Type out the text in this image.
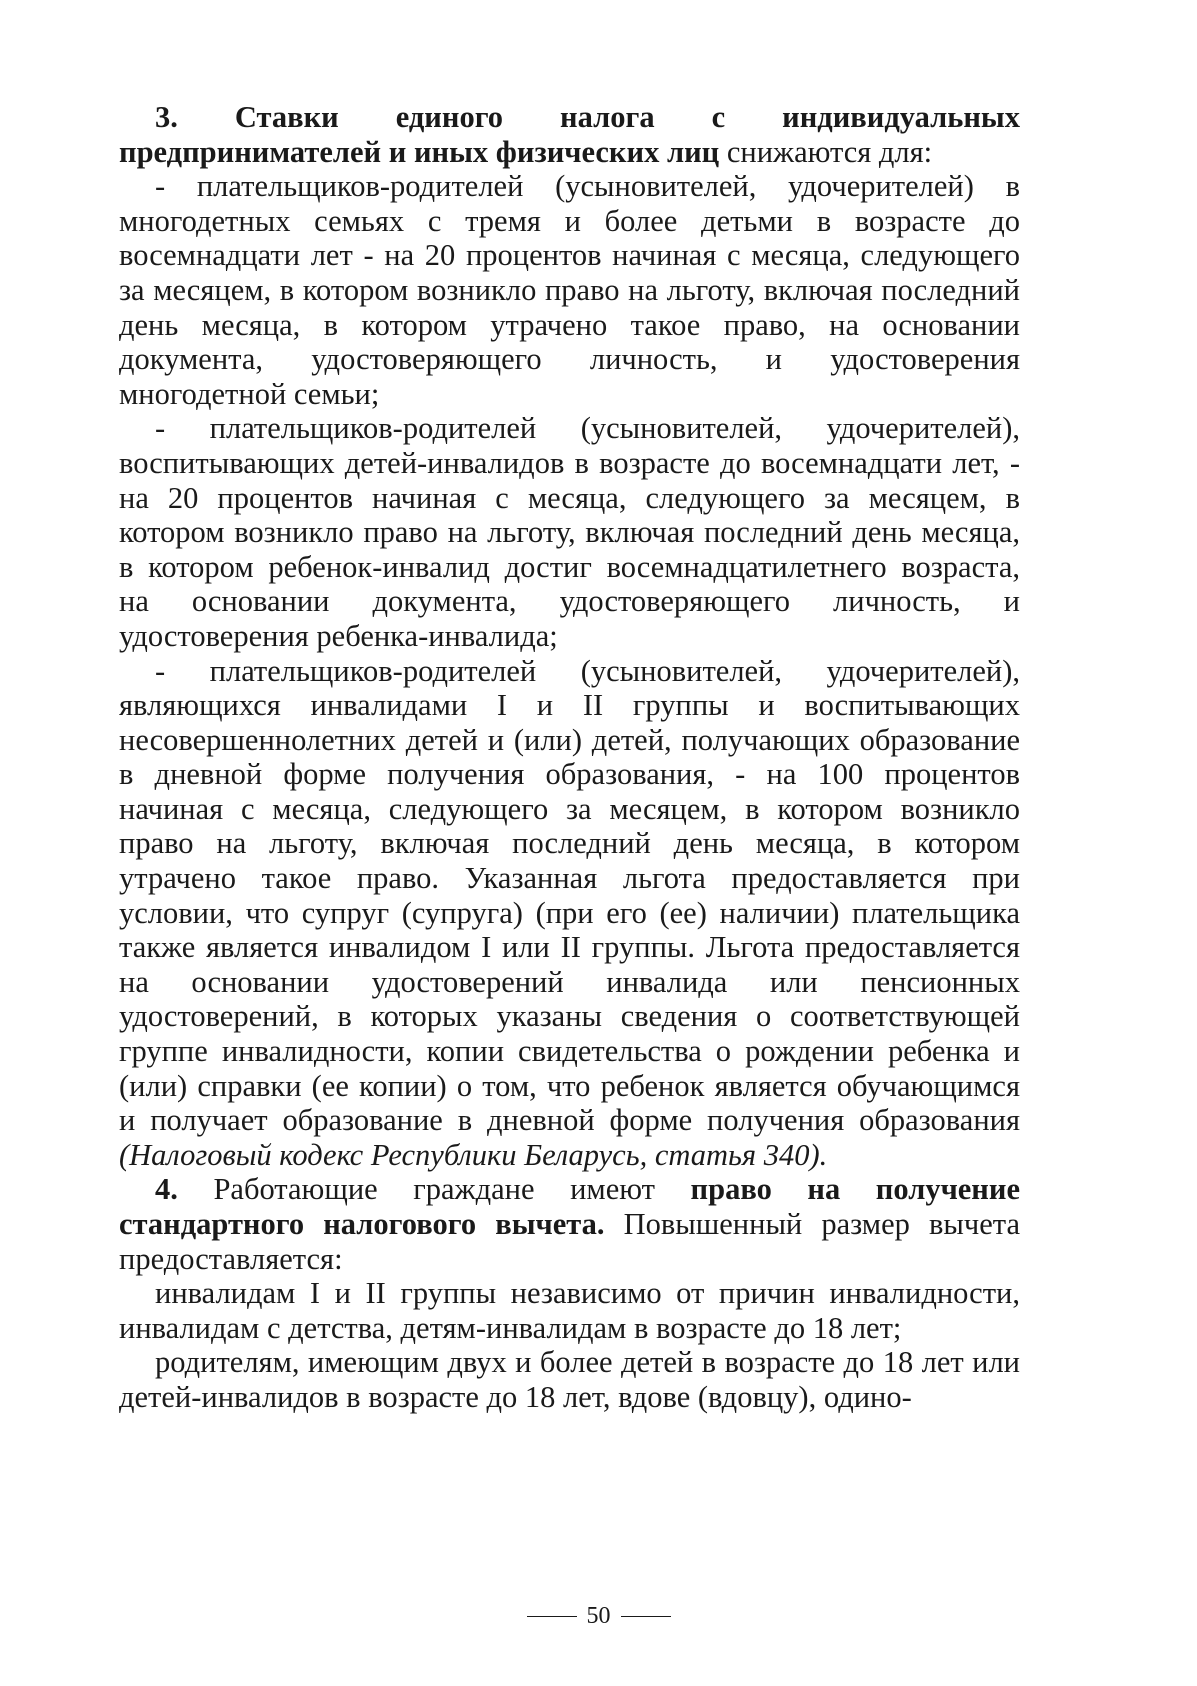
3. Ставки единого налога с индивидуальных предпринимателей и иных физических лиц снижаются для:

- плательщиков-родителей (усыновителей, удочерителей) в многодетных семьях с тремя и более детьми в возрасте до восемнадцати лет - на 20 процентов начиная с месяца, следующего за месяцем, в котором возникло право на льготу, включая последний день месяца, в котором утрачено такое право, на основании документа, удостоверяющего личность, и удостоверения многодетной семьи;

- плательщиков-родителей (усыновителей, удочерителей), воспитывающих детей-инвалидов в возрасте до восемнадцати лет, - на 20 процентов начиная с месяца, следующего за месяцем, в котором возникло право на льготу, включая последний день месяца, в котором ребенок-инвалид достиг восемнадцатилетнего возраста, на основании документа, удостоверяющего личность, и удостоверения ребенка-инвалида;

- плательщиков-родителей (усыновителей, удочерителей), являющихся инвалидами I и II группы и воспитывающих несовершеннолетних детей и (или) детей, получающих образование в дневной форме получения образования, - на 100 процентов начиная с месяца, следующего за месяцем, в котором возникло право на льготу, включая последний день месяца, в котором утрачено такое право. Указанная льгота предоставляется при условии, что супруг (супруга) (при его (ее) наличии) плательщика также является инвалидом I или II группы. Льгота предоставляется на основании удостоверений инвалида или пенсионных удостоверений, в которых указаны сведения о соответствующей группе инвалидности, копии свидетельства о рождении ребенка и (или) справки (ее копии) о том, что ребенок является обучающимся и получает образование в дневной форме получения образования (Налоговый кодекс Республики Беларусь, статья 340).

4. Работающие граждане имеют право на получение стандартного налогового вычета. Повышенный размер вычета предоставляется:

инвалидам I и II группы независимо от причин инвалидности, инвалидам с детства, детям-инвалидам в возрасте до 18 лет;

родителям, имеющим двух и более детей в возрасте до 18 лет или детей-инвалидов в возрасте до 18 лет, вдове (вдовцу), одино-

50
